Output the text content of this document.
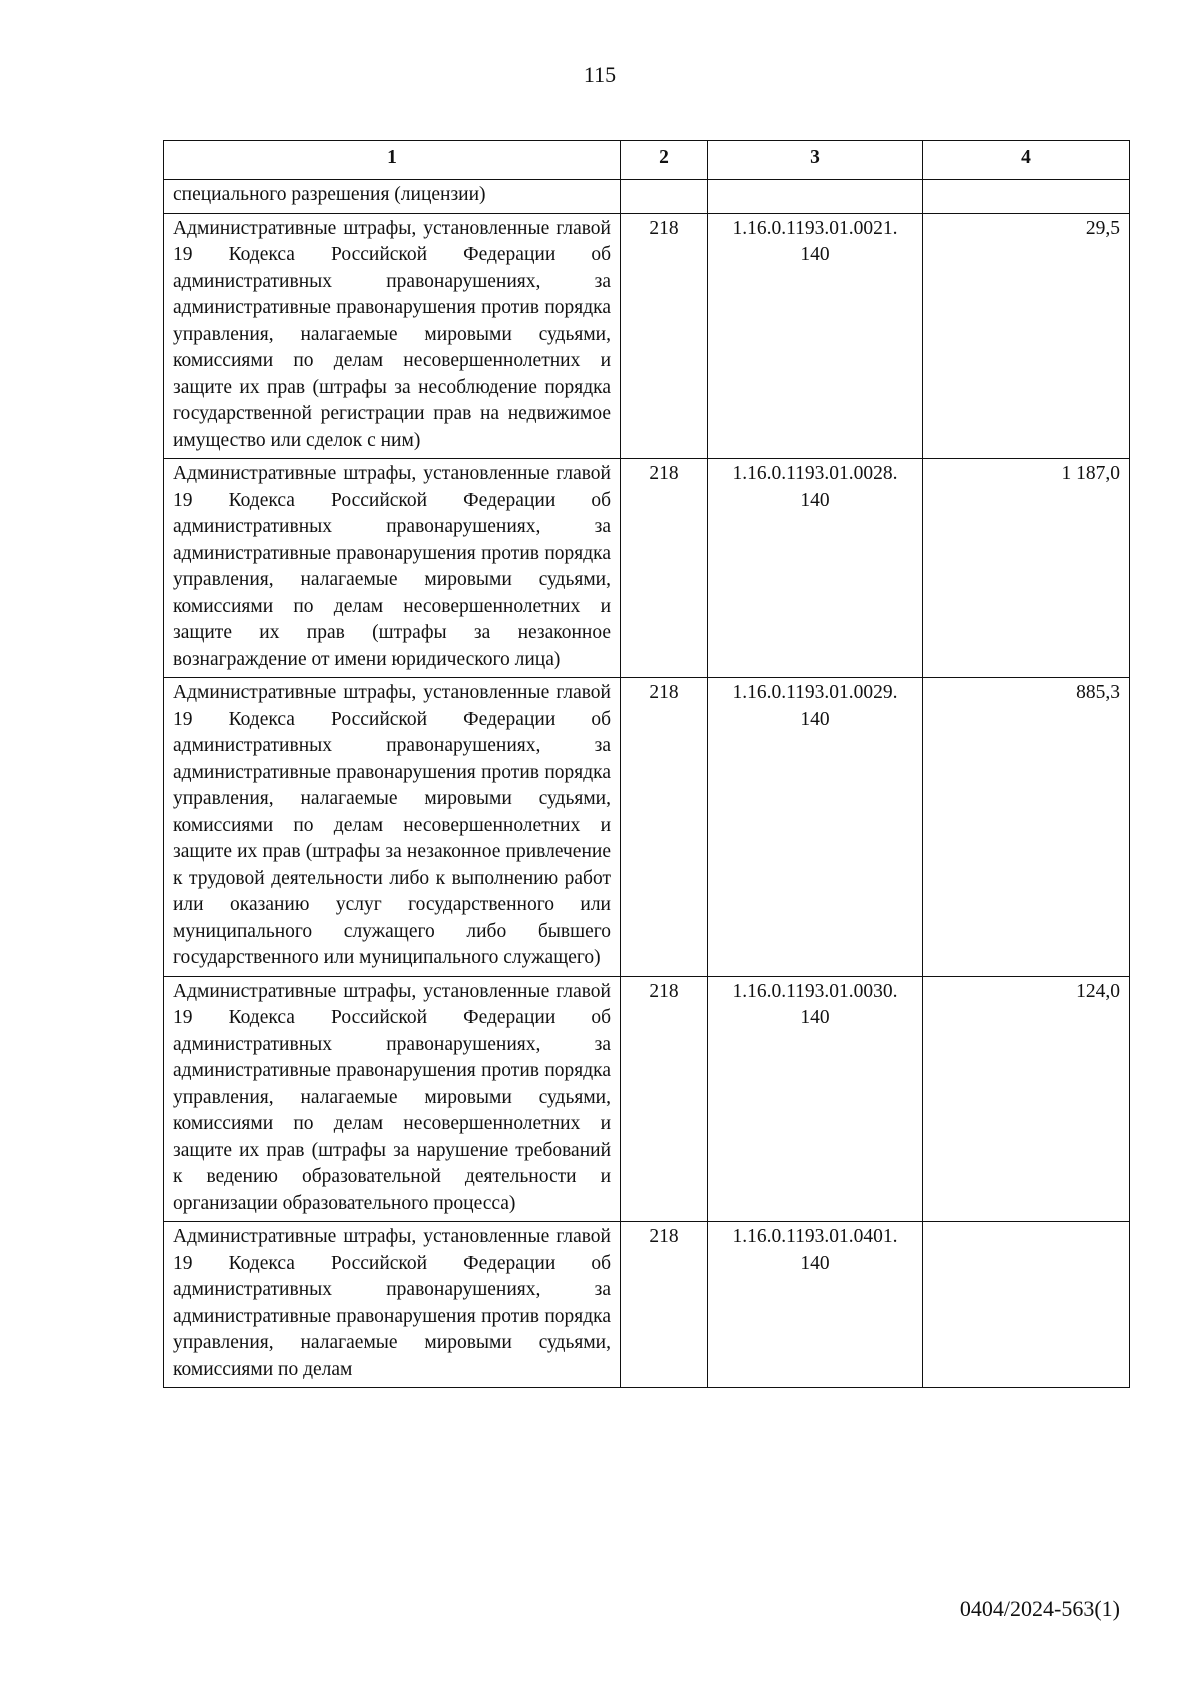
115
1	2	3	4
специального разрешения (лицензии)			
Административные штрафы, установленные главой 19 Кодекса Российской Федерации об административных правонарушениях, за административные правонарушения против порядка управления, налагаемые мировыми судьями, комиссиями по делам несовершеннолетних и защите их прав (штрафы за несоблюдение порядка государственной регистрации прав на недвижимое имущество или сделок с ним)	218	1.16.0.1193.01.0021. 140	29,5
Административные штрафы, установленные главой 19 Кодекса Российской Федерации об административных правонарушениях, за административные правонарушения против порядка управления, налагаемые мировыми судьями, комиссиями по делам несовершеннолетних и защите их прав (штрафы за незаконное вознаграждение от имени юридического лица)	218	1.16.0.1193.01.0028. 140	1 187,0
Административные штрафы, установленные главой 19 Кодекса Российской Федерации об административных правонарушениях, за административные правонарушения против порядка управления, налагаемые мировыми судьями, комиссиями по делам несовершеннолетних и защите их прав (штрафы за незаконное привлечение к трудовой деятельности либо к выполнению работ или оказанию услуг государственного или муниципального служащего либо бывшего государственного или муниципального служащего)	218	1.16.0.1193.01.0029. 140	885,3
Административные штрафы, установленные главой 19 Кодекса Российской Федерации об административных правонарушениях, за административные правонарушения против порядка управления, налагаемые мировыми судьями, комиссиями по делам несовершеннолетних и защите их прав (штрафы за нарушение требований к ведению образовательной деятельности и организации образовательного процесса)	218	1.16.0.1193.01.0030. 140	124,0
Административные штрафы, установленные главой 19 Кодекса Российской Федерации об административных правонарушениях, за административные правонарушения против порядка управления, налагаемые мировыми судьями, комиссиями по делам	218	1.16.0.1193.01.0401. 140	
0404/2024-563(1)
